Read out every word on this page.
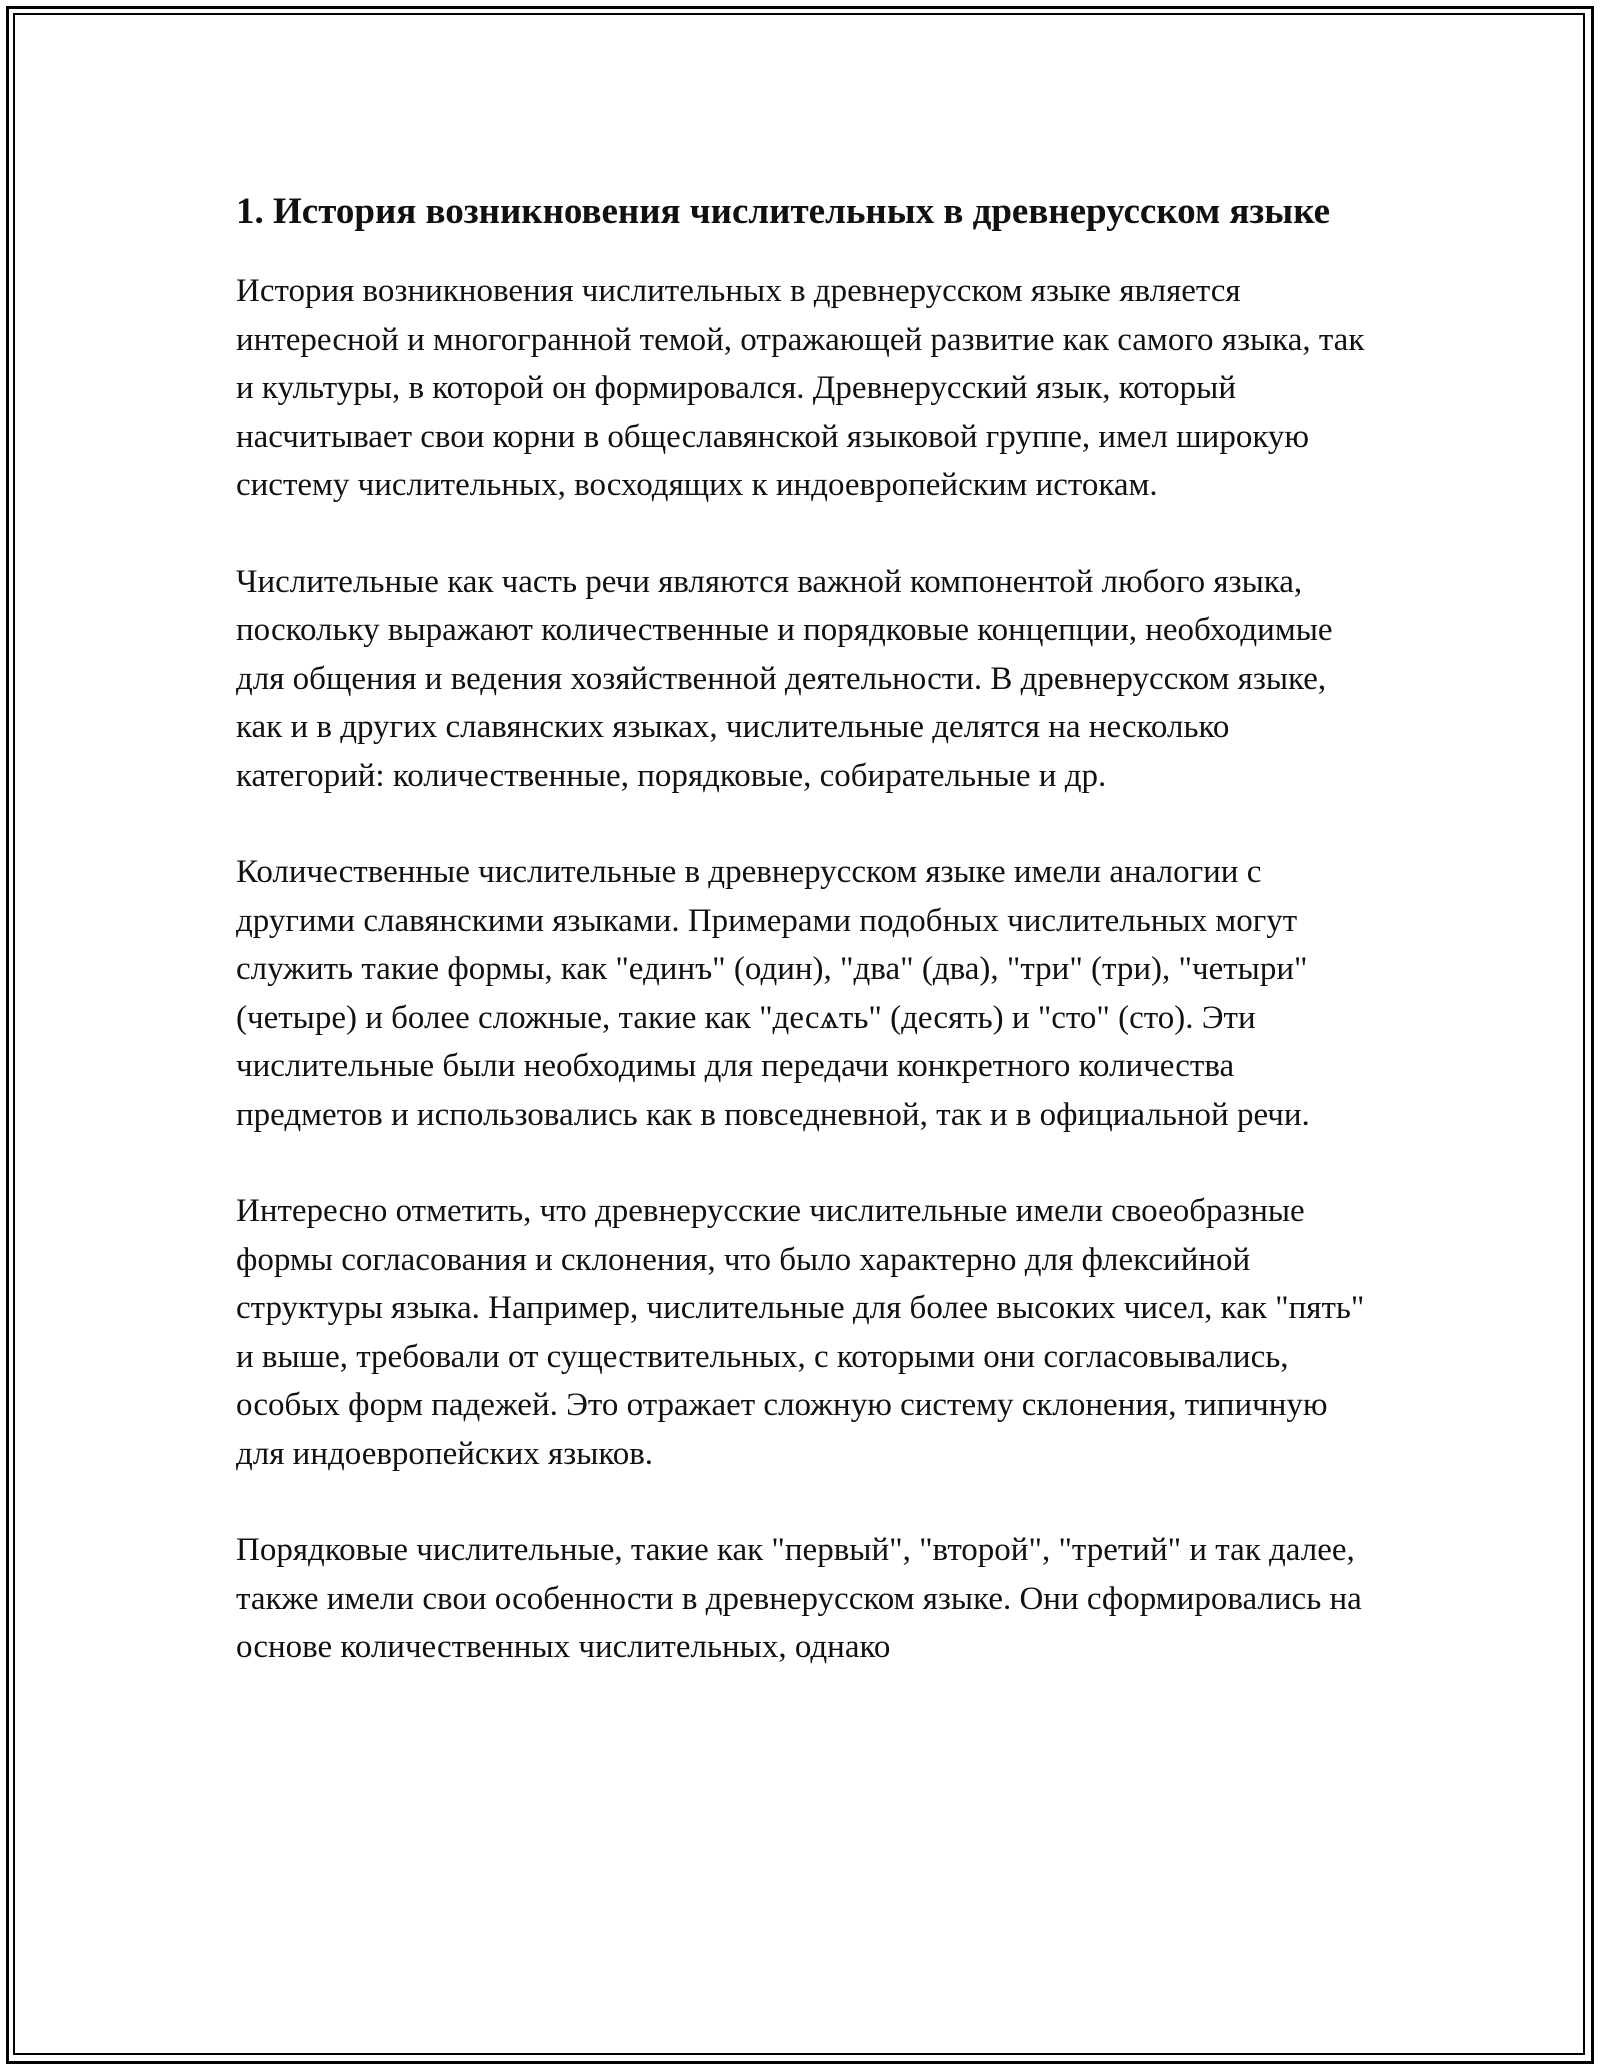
1. История возникновения числительных в древнерусском языке

История возникновения числительных в древнерусском языке является интересной и многогранной темой, отражающей развитие как самого языка, так и культуры, в которой он формировался. Древнерусский язык, который насчитывает свои корни в общеславянской языковой группе, имел широкую систему числительных, восходящих к индоевропейским истокам.

Числительные как часть речи являются важной компонентой любого языка, поскольку выражают количественные и порядковые концепции, необходимые для общения и ведения хозяйственной деятельности. В древнерусском языке, как и в других славянских языках, числительные делятся на несколько категорий: количественные, порядковые, собирательные и др.

Количественные числительные в древнерусском языке имели аналогии с другими славянскими языками. Примерами подобных числительных могут служить такие формы, как "единъ" (один), "два" (два), "три" (три), "четыри" (четыре) и более сложные, такие как "десѧть" (десять) и "сто" (сто). Эти числительные были необходимы для передачи конкретного количества предметов и использовались как в повседневной, так и в официальной речи.

Интересно отметить, что древнерусские числительные имели своеобразные формы согласования и склонения, что было характерно для флексийной структуры языка. Например, числительные для более высоких чисел, как "пять" и выше, требовали от существительных, с которыми они согласовывались, особых форм падежей. Это отражает сложную систему склонения, типичную для индоевропейских языков.

Порядковые числительные, такие как "первый", "второй", "третий" и так далее, также имели свои особенности в древнерусском языке. Они сформировались на основе количественных числительных, однако
